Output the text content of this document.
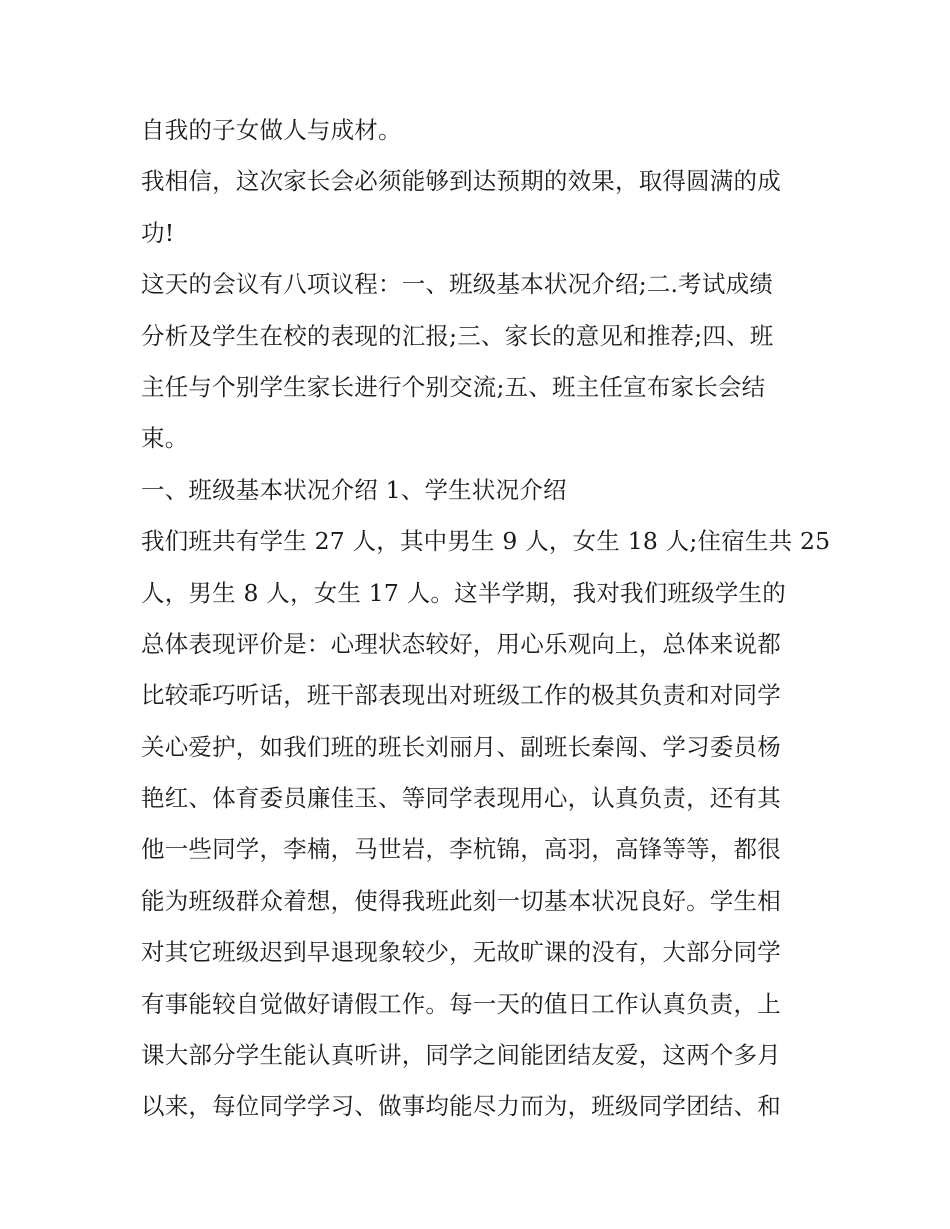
自我的子女做人与成材。
我相信，这次家长会必须能够到达预期的效果，取得圆满的成
功!
这天的会议有八项议程：一、班级基本状况介绍;二.考试成绩
分析及学生在校的表现的汇报;三、家长的意见和推荐;四、班
主任与个别学生家长进行个别交流;五、班主任宣布家长会结
束。
一、班级基本状况介绍 1、学生状况介绍
我们班共有学生 27 人，其中男生 9 人，女生 18 人;住宿生共 25
人，男生 8 人，女生 17 人。这半学期，我对我们班级学生的
总体表现评价是：心理状态较好，用心乐观向上，总体来说都
比较乖巧听话，班干部表现出对班级工作的极其负责和对同学
关心爱护，如我们班的班长刘丽月、副班长秦闯、学习委员杨
艳红、体育委员廉佳玉、等同学表现用心，认真负责，还有其
他一些同学，李楠，马世岩，李杭锦，高羽，高锋等等，都很
能为班级群众着想，使得我班此刻一切基本状况良好。学生相
对其它班级迟到早退现象较少，无故旷课的没有，大部分同学
有事能较自觉做好请假工作。每一天的值日工作认真负责，上
课大部分学生能认真听讲，同学之间能团结友爱，这两个多月
以来，每位同学学习、做事均能尽力而为，班级同学团结、和
